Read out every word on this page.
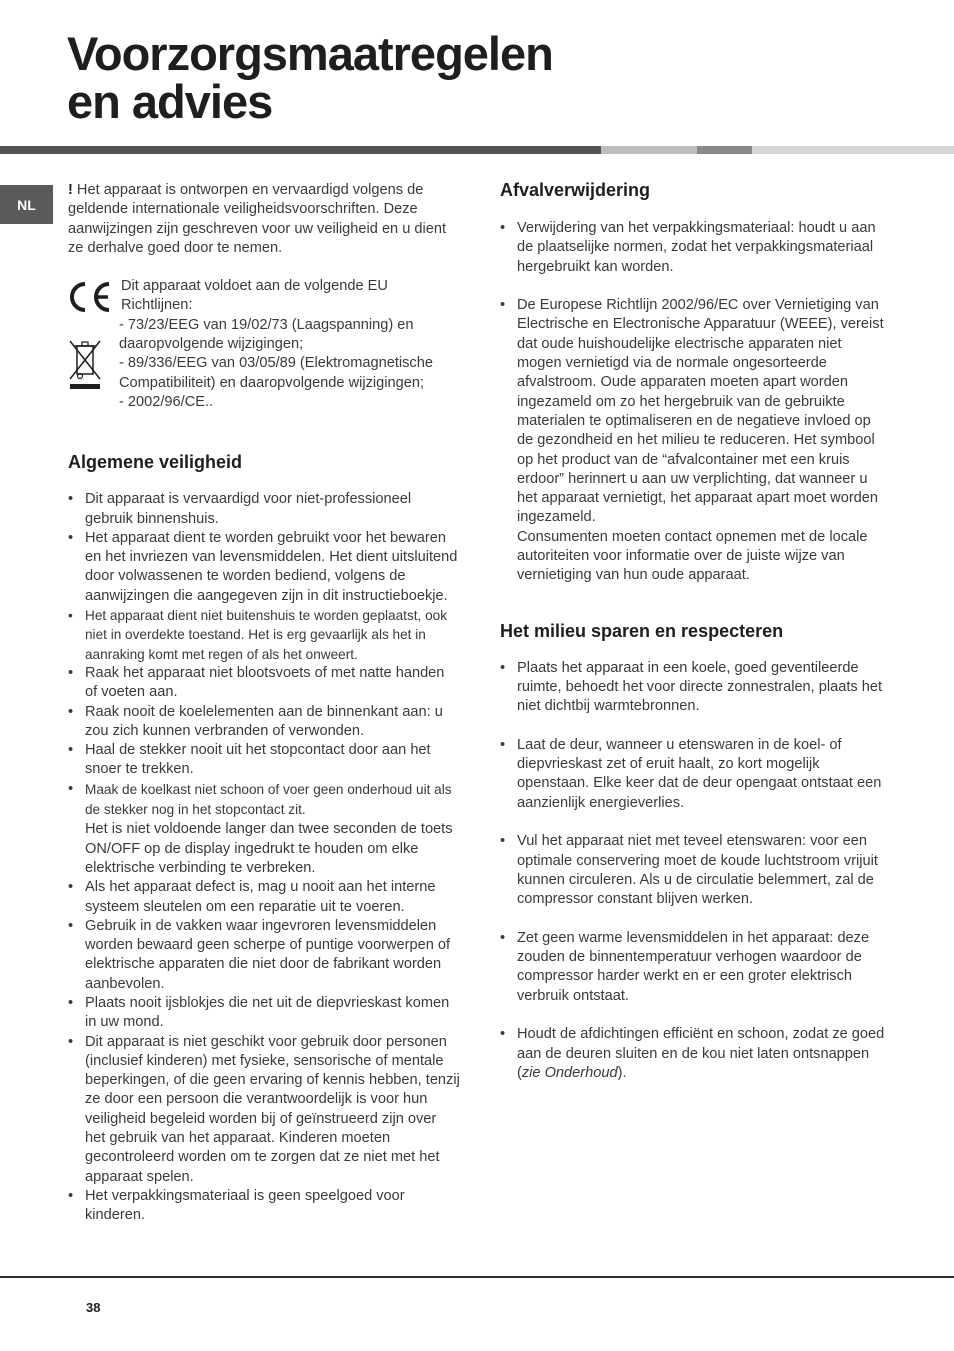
Voorzorgsmaatregelen
en advies
NL

! Het apparaat is ontworpen en vervaardigd volgens de geldende internationale veiligheidsvoorschriften. Deze aanwijzingen zijn geschreven voor uw veiligheid en u dient ze derhalve goed door te nemen.

Dit apparaat voldoet aan de volgende EU Richtlijnen:

- 73/23/EEG van 19/02/73 (Laagspanning) en daaropvolgende wijzigingen;

- 89/336/EEG van 03/05/89 (Elektromagnetische Compatibiliteit) en daaropvolgende wijzigingen;

- 2002/96/CE..

Algemene veiligheid
• Dit apparaat is vervaardigd voor niet-professioneel gebruik binnenshuis.
• Het apparaat dient te worden gebruikt voor het bewaren en het invriezen van levensmiddelen. Het dient uitsluitend door volwassenen te worden bediend, volgens de aanwijzingen die aangegeven zijn in dit instructieboekje.
• Het apparaat dient niet buitenshuis te worden geplaatst, ook niet in overdekte toestand. Het is erg gevaarlijk als het in aanraking komt met regen of als het onweert.
• Raak het apparaat niet blootsvoets of met natte handen of voeten aan.
• Raak nooit de koelelementen aan de binnenkant aan: u zou zich kunnen verbranden of verwonden.
• Haal de stekker nooit uit het stopcontact door aan het snoer te trekken.
• Maak de koelkast niet schoon of voer geen onderhoud uit als de stekker nog in het stopcontact zit.
Het is niet voldoende langer dan twee seconden de toets ON/OFF op de display ingedrukt te houden om elke elektrische verbinding te verbreken.
• Als het apparaat defect is, mag u nooit aan het interne systeem sleutelen om een reparatie uit te voeren.
• Gebruik in de vakken waar ingevroren levensmiddelen worden bewaard geen scherpe of puntige voorwerpen of elektrische apparaten die niet door de fabrikant worden aanbevolen.
• Plaats nooit ijsblokjes die net uit de diepvrieskast komen in uw mond.
• Dit apparaat is niet geschikt voor gebruik door personen (inclusief kinderen) met fysieke, sensorische of mentale beperkingen, of die geen ervaring of kennis hebben, tenzij ze door een persoon die verantwoordelijk is voor hun veiligheid begeleid worden bij of geïnstrueerd zijn over het gebruik van het apparaat. Kinderen moeten gecontroleerd worden om te zorgen dat ze niet met het apparaat spelen.
• Het verpakkingsmateriaal is geen speelgoed voor kinderen.
Afvalverwijdering
• Verwijdering van het verpakkingsmateriaal: houdt u aan de plaatselijke normen, zodat het verpakkingsmateriaal hergebruikt kan worden.
• De Europese Richtlijn 2002/96/EC over Vernietiging van Electrische en Electronische Apparatuur (WEEE), vereist dat oude huishoudelijke electrische apparaten niet mogen vernietigd via de normale ongesorteerde afvalstroom. Oude apparaten moeten apart worden ingezameld om zo het hergebruik van de gebruikte materialen te optimaliseren en de negatieve invloed op de gezondheid en het milieu te reduceren. Het symbool op het product van de “afvalcontainer met een kruis erdoor” herinnert u aan uw verplichting, dat wanneer u het apparaat vernietigt, het apparaat apart moet worden ingezameld.
Consumenten moeten contact opnemen met de locale autoriteiten voor informatie over de juiste wijze van vernietiging van hun oude apparaat.
Het milieu sparen en respecteren
• Plaats het apparaat in een koele, goed geventileerde ruimte, behoedt het voor directe zonnestralen, plaats het niet dichtbij warmtebronnen.
• Laat de deur, wanneer u etenswaren in de koel- of diepvrieskast zet of eruit haalt, zo kort mogelijk openstaan. Elke keer dat de deur opengaat ontstaat een aanzienlijk energieverlies.
• Vul het apparaat niet met teveel etenswaren: voor een optimale conservering moet de koude luchtstroom vrijuit kunnen circuleren. Als u de circulatie belemmert, zal de compressor constant blijven werken.
• Zet geen warme levensmiddelen in het apparaat: deze zouden de binnentemperatuur verhogen waardoor de compressor harder werkt en er een groter elektrisch verbruik ontstaat.
• Houdt de afdichtingen efficiënt en schoon, zodat ze goed aan de deuren sluiten en de kou niet laten ontsnappen (zie Onderhoud).
38
